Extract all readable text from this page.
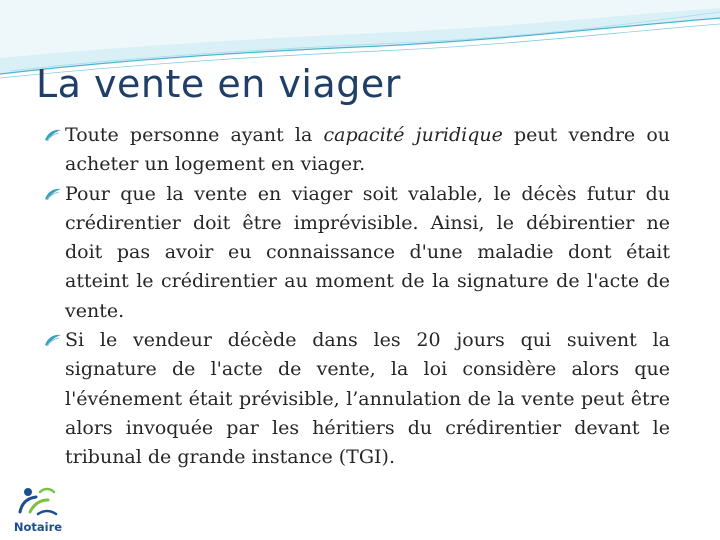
La vente en viager
Toute personne ayant la capacité juridique peut vendre ou acheter un logement en viager.
Pour que la vente en viager soit valable, le décès futur du crédirentier doit être imprévisible. Ainsi, le débirentier ne doit pas avoir eu connaissance d'une maladie dont était atteint le crédirentier au moment de la signature de l'acte de vente.
Si le vendeur décède dans les 20 jours qui suivent la signature de l'acte de vente, la loi considère alors que l'événement était prévisible, l’annulation de la vente peut être alors invoquée par les héritiers du crédirentier devant le tribunal de grande instance (TGI).
Notaire
